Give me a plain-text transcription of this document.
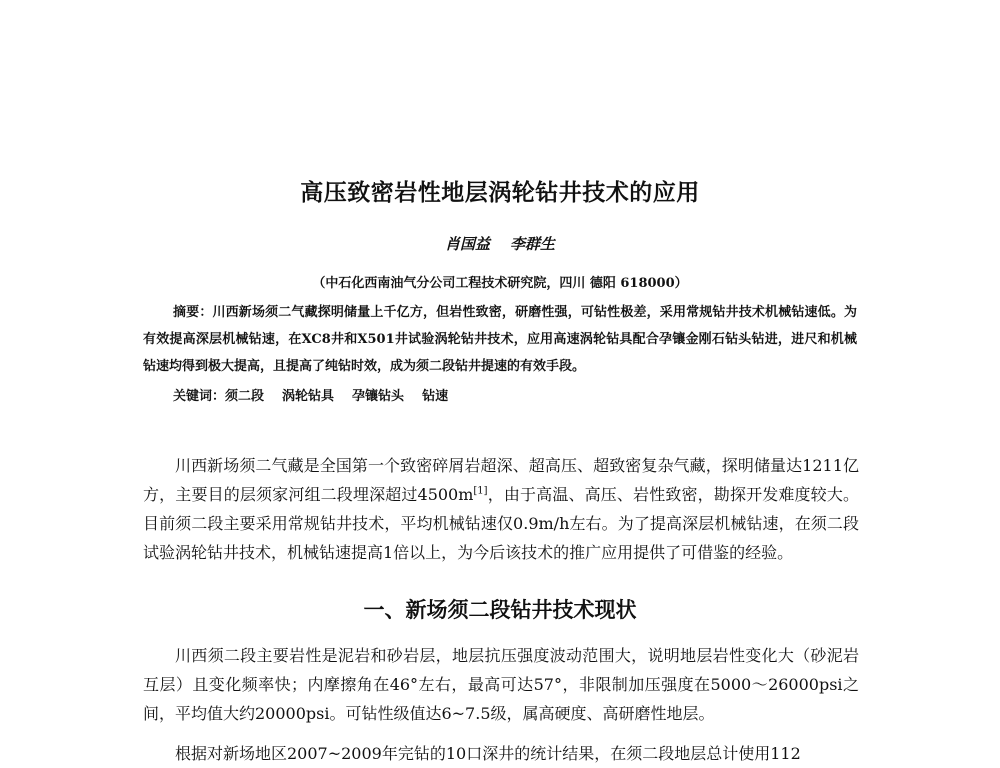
高压致密岩性地层涡轮钻井技术的应用
肖国益 李群生
（中石化西南油气分公司工程技术研究院，四川 德阳 618000）
摘要：川西新场须二气藏探明储量上千亿方，但岩性致密，研磨性强，可钻性极差，采用常规钻井技术机械钻速低。为有效提高深层机械钻速，在XC8井和X501井试验涡轮钻井技术，应用高速涡轮钻具配合孕镶金刚石钻头钻进，进尺和机械钻速均得到极大提高，且提高了纯钻时效，成为须二段钻井提速的有效手段。
关键词：须二段 涡轮钻具 孕镶钻头 钻速
川西新场须二气藏是全国第一个致密碎屑岩超深、超高压、超致密复杂气藏，探明储量达1211亿方，主要目的层须家河组二段埋深超过4500m[1]，由于高温、高压、岩性致密，勘探开发难度较大。目前须二段主要采用常规钻井技术，平均机械钻速仅0.9m/h左右。为了提高深层机械钻速，在须二段试验涡轮钻井技术，机械钻速提高1倍以上，为今后该技术的推广应用提供了可借鉴的经验。
一、新场须二段钻井技术现状
川西须二段主要岩性是泥岩和砂岩层，地层抗压强度波动范围大，说明地层岩性变化大（砂泥岩互层）且变化频率快；内摩擦角在46°左右，最高可达57°，非限制加压强度在5000～26000psi之间，平均值大约20000psi。可钻性级值达6~7.5级，属高硬度、高研磨性地层。
根据对新场地区2007~2009年完钻的10口深井的统计结果，在须二段地层总计使用112
